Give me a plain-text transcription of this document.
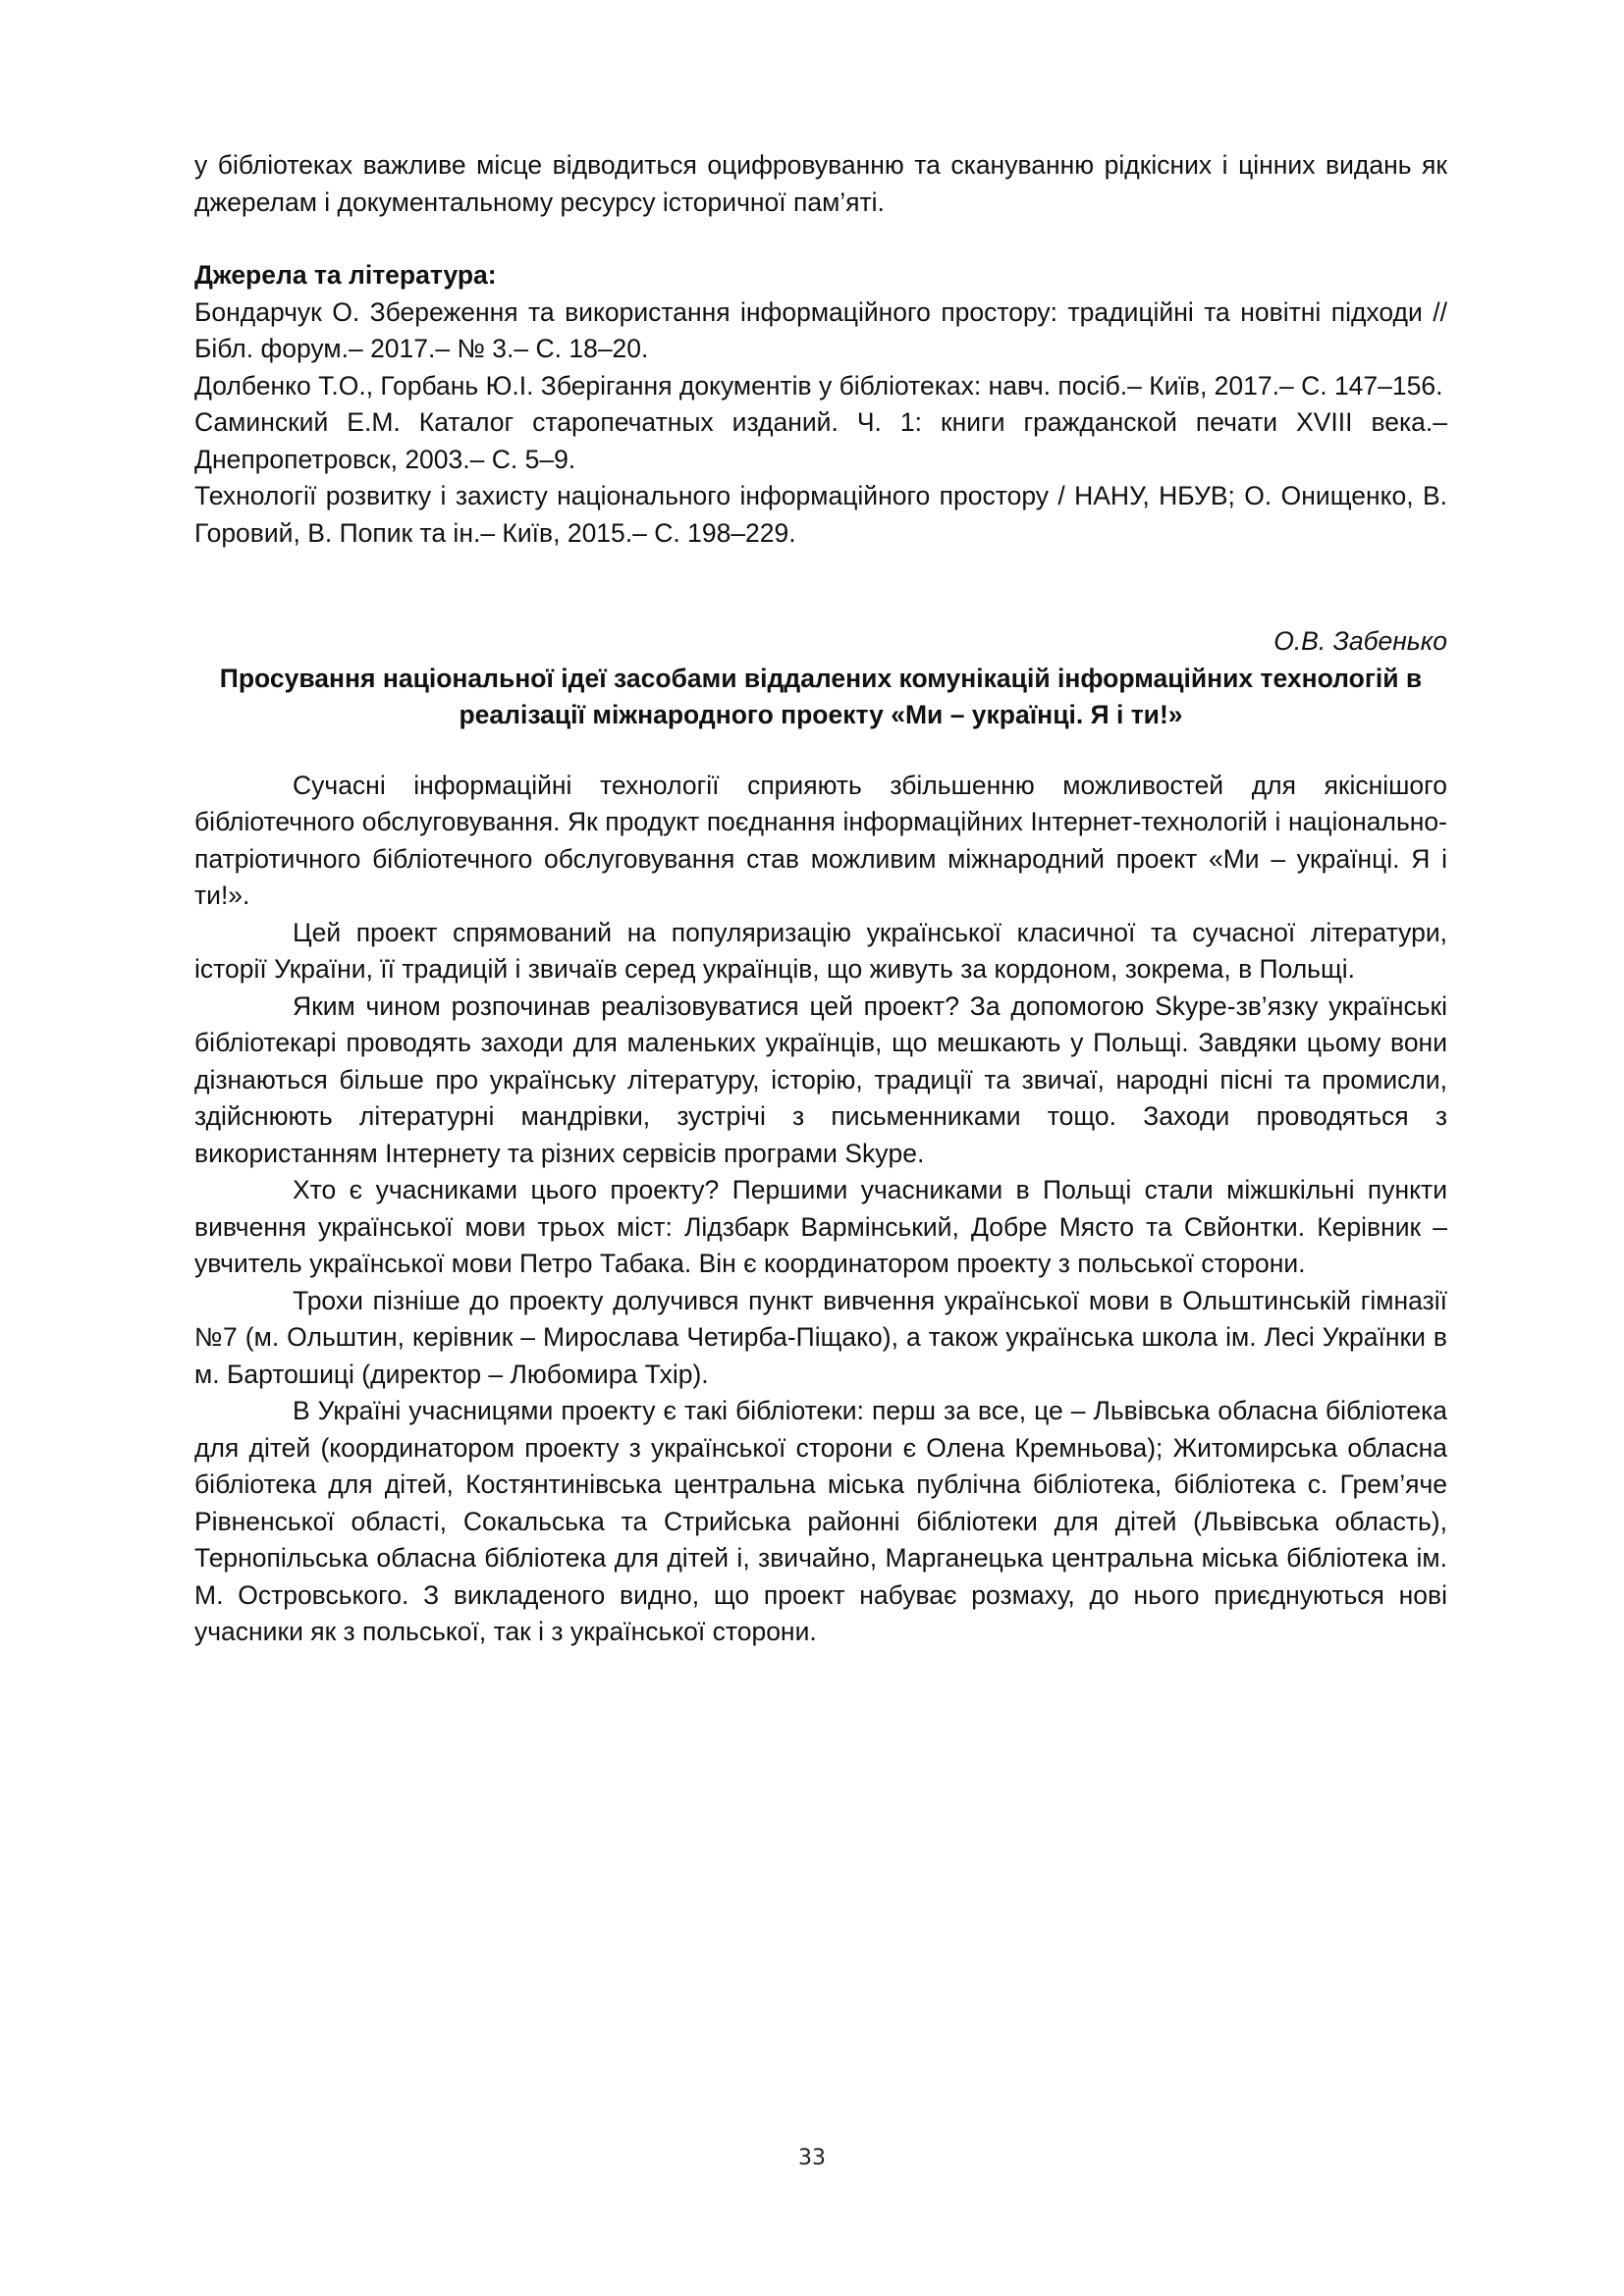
у бібліотеках важливе місце відводиться оцифровуванню та скануванню рідкісних і цінних видань як джерелам і документальному ресурсу історичної пам’яті.

Джерела та література:

Бондарчук О. Збереження та використання інформаційного простору: традиційні та новітні підходи // Бібл. форум.– 2017.– № 3.– С. 18–20.

Долбенко Т.О., Горбань Ю.І. Зберігання документів у бібліотеках: навч. посіб.– Київ, 2017.– С. 147–156.

Саминский Е.М. Каталог старопечатных изданий. Ч. 1: книги гражданской печати XVIII века.– Днепропетровск, 2003.– С. 5–9.

Технології розвитку і захисту національного інформаційного простору / НАНУ, НБУВ; О. Онищенко, В. Горовий, В. Попик та ін.– Київ, 2015.– С. 198–229.

О.В. Забенько

Просування національної ідеї засобами віддалених комунікацій інформаційних технологій в реалізації міжнародного проекту «Ми – українці. Я і ти!»

Сучасні інформаційні технології сприяють збільшенню можливостей для якіснішого бібліотечного обслуговування. Як продукт поєднання інформаційних Інтернет-технологій і національно-патріотичного бібліотечного обслуговування став можливим міжнародний проект «Ми – українці. Я і ти!».

Цей проект спрямований на популяризацію української класичної та сучасної літератури, історії України, її традицій і звичаїв серед українців, що живуть за кордоном, зокрема, в Польщі.

Яким чином розпочинав реалізовуватися цей проект? За допомогою Skype-зв’язку українські бібліотекарі проводять заходи для маленьких українців, що мешкають у Польщі. Завдяки цьому вони дізнаються більше про українську літературу, історію, традиції та звичаї, народні пісні та промисли, здійснюють літературні мандрівки, зустрічі з письменниками тощо. Заходи проводяться з використанням Інтернету та різних сервісів програми Skype.

Хто є учасниками цього проекту? Першими учасниками в Польщі стали міжшкільні пункти вивчення української мови трьох міст: Лідзбарк Вармінський, Добре Място та Свйонтки. Керівник – увчитель української мови Петро Табака. Він є координатором проекту з польської сторони.

Трохи пізніше до проекту долучився пункт вивчення української мови в Ольштинській гімназії №7 (м. Ольштин, керівник – Мирослава Четирба-Піщако), а також українська школа ім. Лесі Українки в м. Бартошиці (директор – Любомира Тхір).

В Україні учасницями проекту є такі бібліотеки: перш за все, це – Львівська обласна бібліотека для дітей (координатором проекту з української сторони є Олена Кремньова); Житомирська обласна бібліотека для дітей, Костянтинівська центральна міська публічна бібліотека, бібліотека с. Грем’яче Рівненської області, Сокальська та Стрийська районні бібліотеки для дітей (Львівська область), Тернопільська обласна бібліотека для дітей і, звичайно, Марганецька центральна міська бібліотека ім. М. Островського. З викладеного видно, що проект набуває розмаху, до нього приєднуються нові учасники як з польської, так і з української сторони.

33
